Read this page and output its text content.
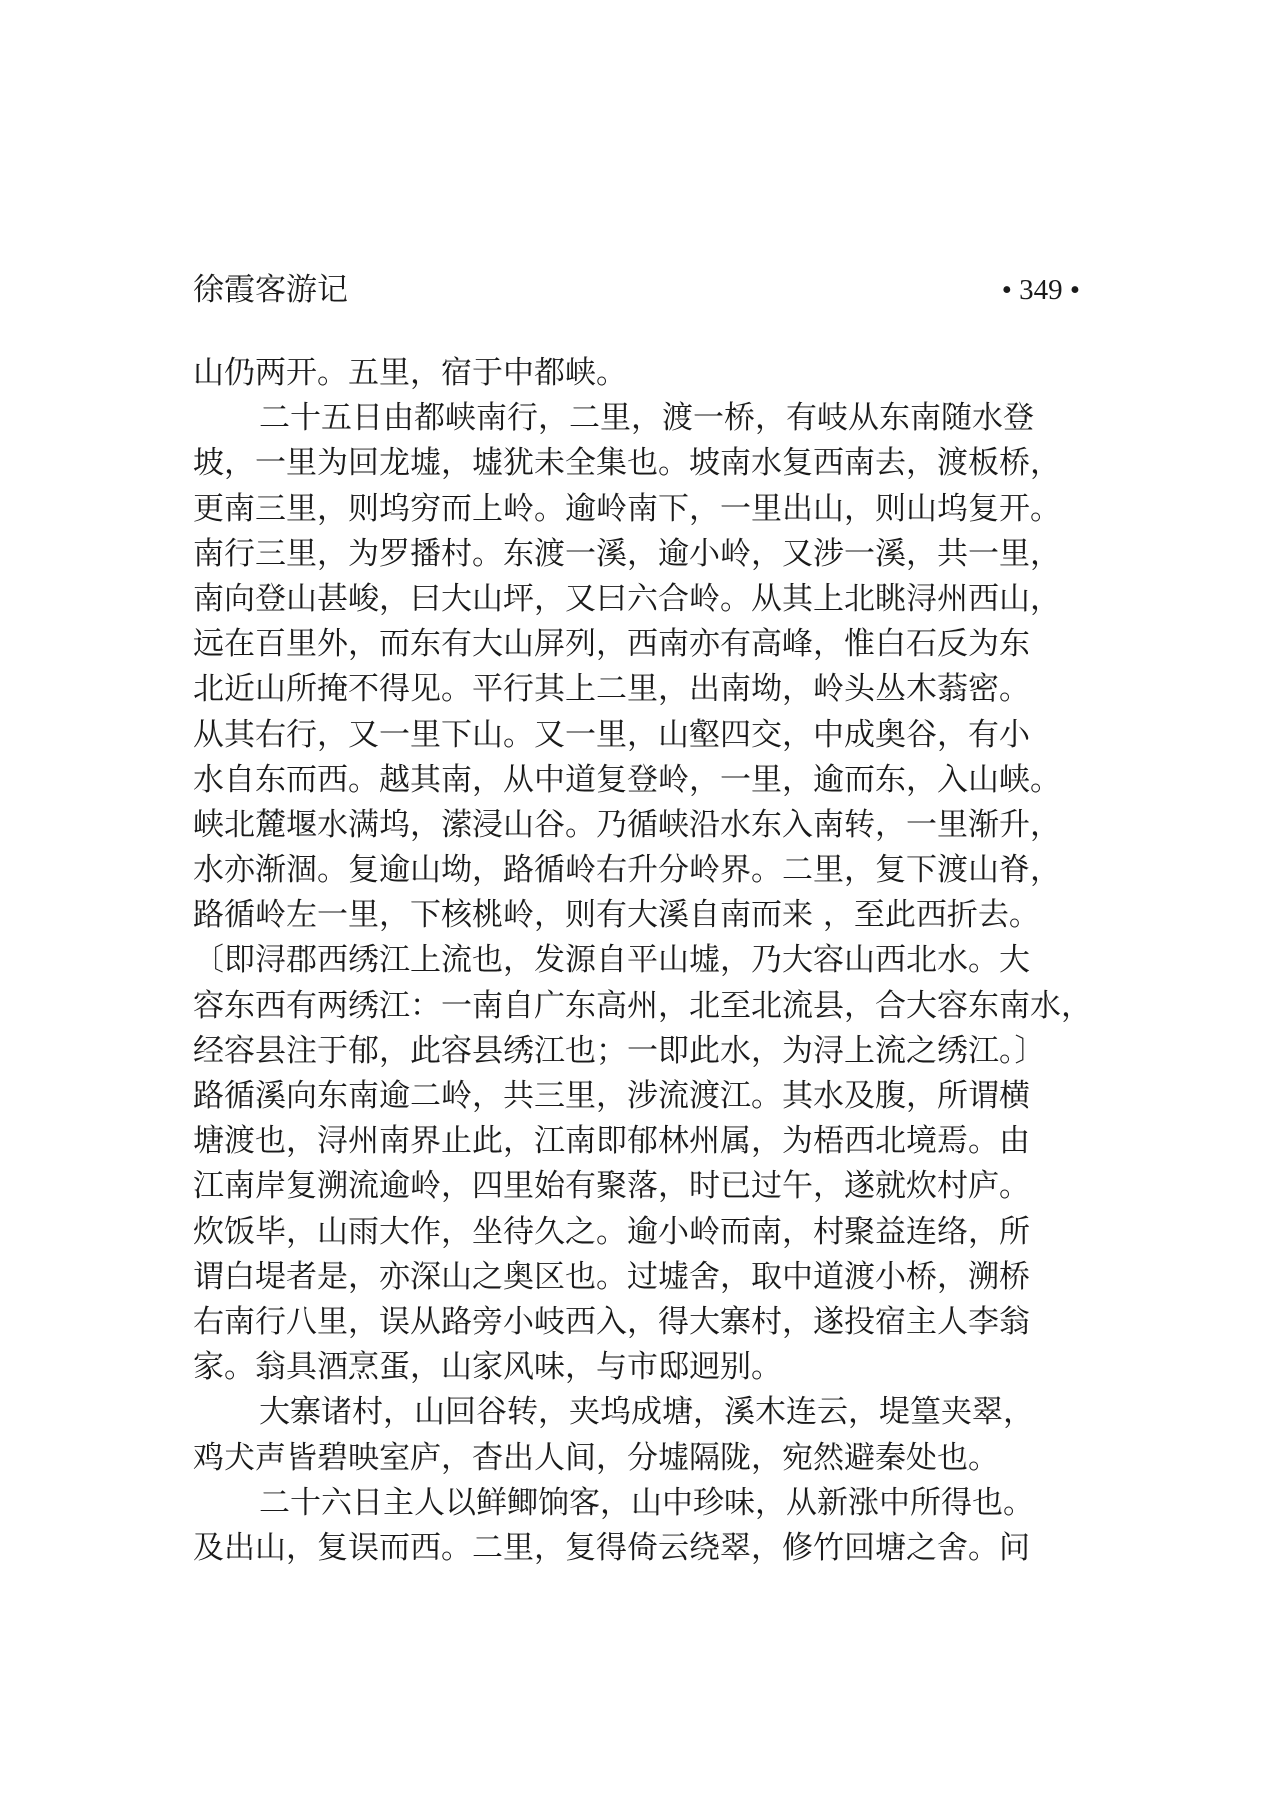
徐霞客游记	• 349 •
山仍两开。五里，宿于中都峡。
二十五日由都峡南行，二里，渡一桥，有岐从东南随水登
坡，一里为回龙墟，墟犹未全集也。坡南水复西南去，渡板桥，
更南三里，则坞穷而上岭。逾岭南下，一里出山，则山坞复开。
南行三里，为罗播村。东渡一溪，逾小岭，又涉一溪，共一里，
南向登山甚峻，曰大山坪，又曰六合岭。从其上北眺浔州西山，
远在百里外，而东有大山屏列，西南亦有高峰，惟白石反为东
北近山所掩不得见。平行其上二里，出南坳，岭头丛木蓊密。
从其右行，又一里下山。又一里，山壑四交，中成奥谷，有小
水自东而西。越其南，从中道复登岭，一里，逾而东，入山峡。
峡北麓堰水满坞，潆浸山谷。乃循峡沿水东入南转，一里渐升，
水亦渐涸。复逾山坳，路循岭右升分岭界。二里，复下渡山脊，
路循岭左一里，下核桃岭，则有大溪自南而来 ，至此西折去。
〔即浔郡西绣江上流也，发源自平山墟，乃大容山西北水。大
容东西有两绣江：一南自广东高州，北至北流县，合大容东南水，
经容县注于郁，此容县绣江也；一即此水，为浔上流之绣江。〕
路循溪向东南逾二岭，共三里，涉流渡江。其水及腹，所谓横
塘渡也，浔州南界止此，江南即郁林州属，为梧西北境焉。由
江南岸复溯流逾岭，四里始有聚落，时已过午，遂就炊村庐。
炊饭毕，山雨大作，坐待久之。逾小岭而南，村聚益连络，所
谓白堤者是，亦深山之奥区也。过墟舍，取中道渡小桥，溯桥
右南行八里，误从路旁小岐西入，得大寨村，遂投宿主人李翁
家。翁具酒烹蛋，山家风味，与市邸迥别。
大寨诸村，山回谷转，夹坞成塘，溪木连云，堤篁夹翠，
鸡犬声皆碧映室庐，杳出人间，分墟隔陇，宛然避秦处也。
二十六日主人以鲜鲫饷客，山中珍味，从新涨中所得也。
及出山，复误而西。二里，复得倚云绕翠，修竹回塘之舍。问
